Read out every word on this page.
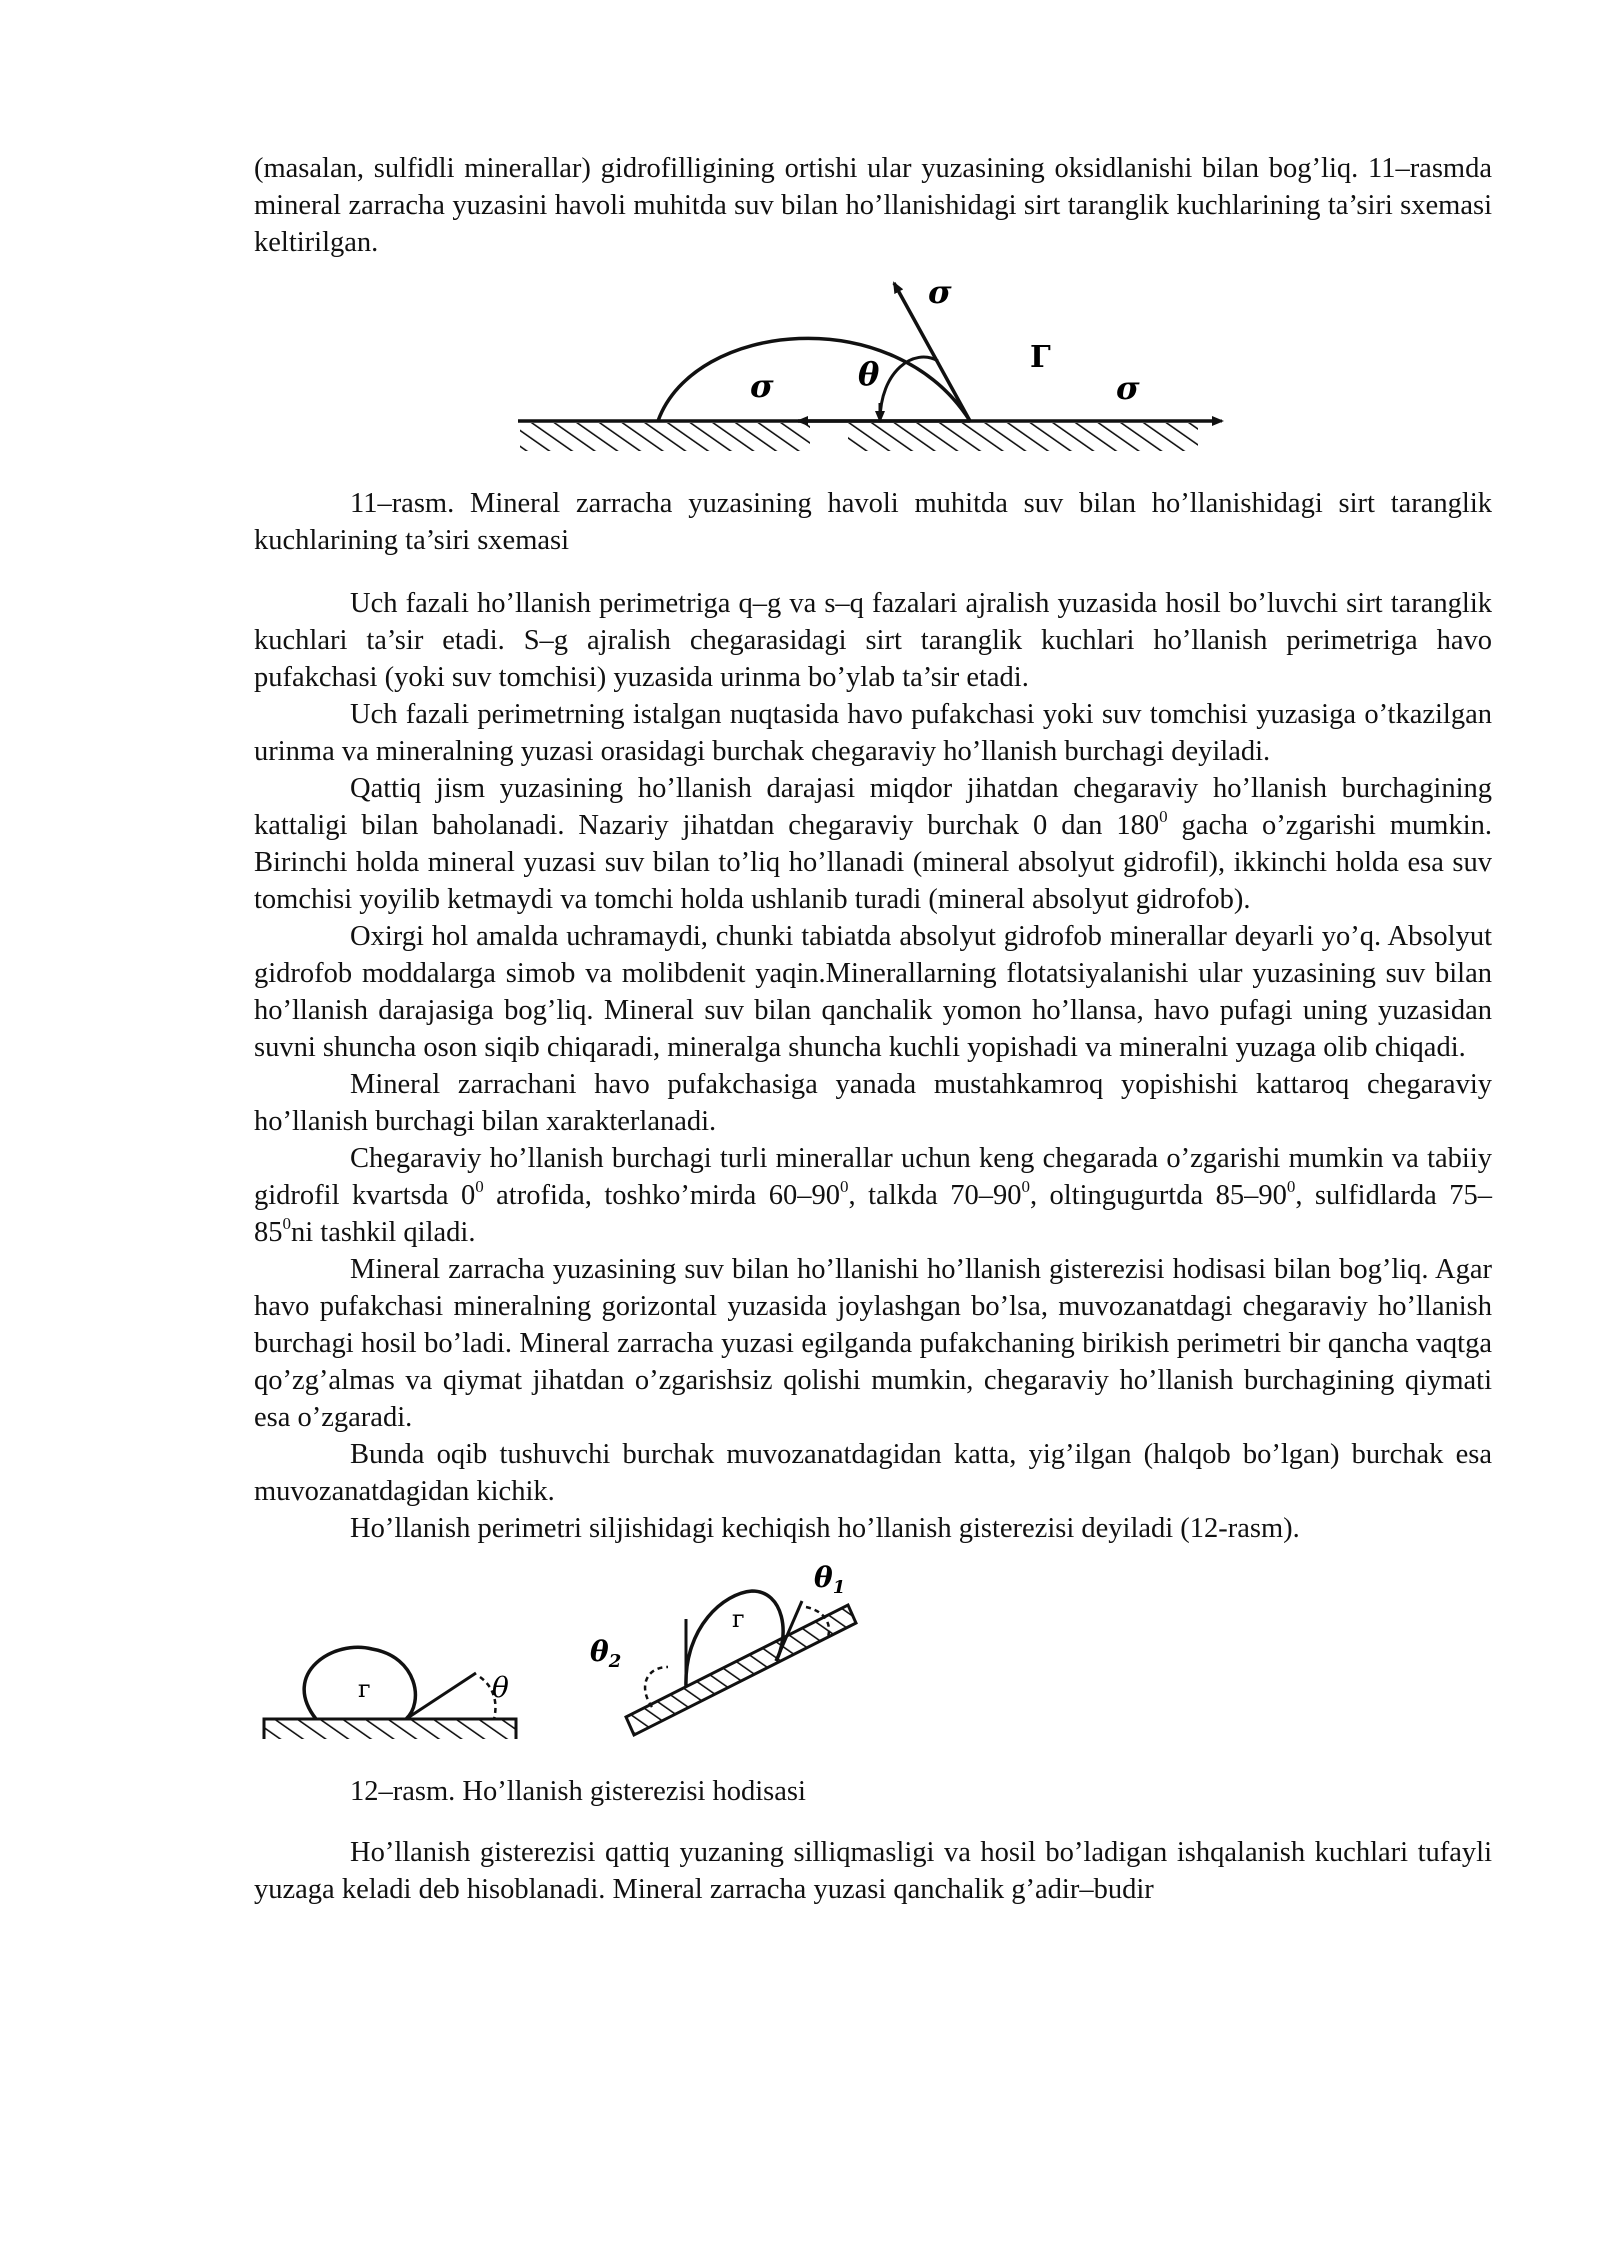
(masalan, sulfidli minerallar) gidrofilligining ortishi ular yuzasining oksidlanishi bilan bog’liq. 11–rasmda mineral zarracha yuzasini havoli muhitda suv bilan ho’llanishidagi sirt taranglik kuchlarining ta’siri sxemasi keltirilgan.

σ
θ	Г
σ	σ

11–rasm. Mineral zarracha yuzasining havoli muhitda suv bilan ho’llanishidagi sirt taranglik kuchlarining ta’siri sxemasi

Uch fazali ho’llanish perimetriga q–g va s–q fazalari ajralish yuzasida hosil bo’luvchi sirt taranglik kuchlari ta’sir etadi. S–g ajralish chegarasidagi sirt taranglik kuchlari ho’llanish perimetriga havo pufakchasi (yoki suv tomchisi) yuzasida urinma bo’ylab ta’sir etadi.

Uch fazali perimetrning istalgan nuqtasida havo pufakchasi yoki suv tomchisi yuzasiga o’tkazilgan urinma va mineralning yuzasi orasidagi burchak chegaraviy ho’llanish burchagi deyiladi.

Qattiq jism yuzasining ho’llanish darajasi miqdor jihatdan chegaraviy ho’llanish burchagining kattaligi bilan baholanadi. Nazariy jihatdan chegaraviy burchak 0 dan $180^0$ gacha o’zgarishi mumkin. Birinchi holda mineral yuzasi suv bilan to’liq ho’llanadi (mineral absolyut gidrofil), ikkinchi holda esa suv tomchisi yoyilib ketmaydi va tomchi holda ushlanib turadi (mineral absolyut gidrofob).

Oxirgi hol amalda uchramaydi, chunki tabiatda absolyut gidrofob minerallar deyarli yo’q. Absolyut gidrofob moddalarga simob va molibdenit yaqin.Minerallarning flotatsiyalanishi ular yuzasining suv bilan ho’llanish darajasiga bog’liq. Mineral suv bilan qanchalik yomon ho’llansa, havo pufagi uning yuzasidan suvni shuncha oson siqib chiqaradi, mineralga shuncha kuchli yopishadi va mineralni yuzaga olib chiqadi.

Mineral zarrachani havo pufakchasiga yanada mustahkamroq yopishishi kattaroq chegaraviy ho’llanish burchagi bilan xarakterlanadi.

Chegaraviy ho’llanish burchagi turli minerallar uchun keng chegarada o’zgarishi mumkin va tabiiy gidrofil kvartsda $0^0$ atrofida, toshko’mirda $60-90^0$, talkda $70-90^0$, oltingugurtda $85-90^0$, sulfidlarda $75-85^0ni$ tashkil qiladi.

Mineral zarracha yuzasining suv bilan ho’llanishi ho’llanish gisterezisi hodisasi bilan bog’liq. Agar havo pufakchasi mineralning gorizontal yuzasida joylashgan bo’lsa, muvozanatdagi chegaraviy ho’llanish burchagi hosil bo’ladi. Mineral zarracha yuzasi egilganda pufakchaning birikish perimetri bir qancha vaqtga qo’zg’almas va qiymat jihatdan o’zgarishsiz qolishi mumkin, chegaraviy ho’llanish burchagining qiymati esa o’zgaradi.

Bunda oqib tushuvchi burchak muvozanatdagidan katta, yig’ilgan (halqob bo’lgan) burchak esa muvozanatdagidan kichik.

Ho’llanish perimetri siljishidagi kechiqish ho’llanish gisterezisi deyiladi (12-rasm).

г	θ
г
$\theta_1$
$\theta_2$

12–rasm. Ho’llanish gisterezisi hodisasi

Ho’llanish gisterezisi qattiq yuzaning silliqmasligi va hosil bo’ladigan ishqalanish kuchlari tufayli yuzaga keladi deb hisoblanadi. Mineral zarracha yuzasi qanchalik g’adir–budir
